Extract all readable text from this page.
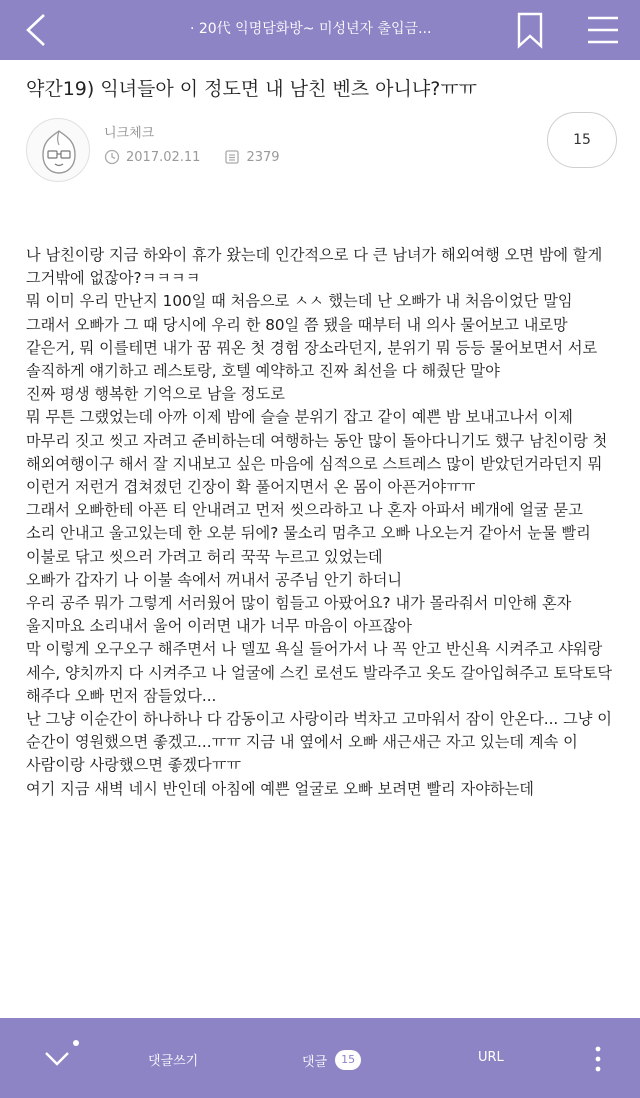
· 20代 익명담화방~ 미성년자 출입금...
약간19) 익녀들아 이 정도면 내 남친 벤츠 아니냐?ㅠㅠ
니크체크
2017.02.11	2379
15

나 남친이랑 지금 하와이 휴가 왔는데 인간적으로 다 큰 남녀가 해외여행 오면 밤에 할게 그거밖에 없잖아?ㅋㅋㅋㅋ

뭐 이미 우리 만난지 100일 때 처음으로 ㅅㅅ 했는데 난 오빠가 내 처음이었단 말임

그래서 오빠가 그 때 당시에 우리 한 80일 쯤 됐을 때부터 내 의사 물어보고 내로망 같은거, 뭐 이를테면 내가 꿈 꿔온 첫 경험 장소라던지, 분위기 뭐 등등 물어보면서 서로 솔직하게 얘기하고 레스토랑, 호텔 예약하고 진짜 최선을 다 해줬단 말야

진짜 평생 행복한 기억으로 남을 정도로

뭐 무튼 그랬었는데 아까 이제 밤에 슬슬 분위기 잡고 같이 예쁜 밤 보내고나서 이제 마무리 짓고 씻고 자려고 준비하는데 여행하는 동안 많이 돌아다니기도 했구 남친이랑 첫 해외여행이구 해서 잘 지내보고 싶은 마음에 심적으로 스트레스 많이 받았던거라던지 뭐 이런거 저런거 겹쳐졌던 긴장이 확 풀어지면서 온 몸이 아픈거야ㅠㅠ

그래서 오빠한테 아픈 티 안내려고 먼저 씻으라하고 나 혼자 아파서 베개에 얼굴 묻고 소리 안내고 울고있는데 한 오분 뒤에? 물소리 멈추고 오빠 나오는거 같아서 눈물 빨리 이불로 닦고 씻으러 가려고 허리 꾹꾹 누르고 있었는데

오빠가 갑자기 나 이불 속에서 꺼내서 공주님 안기 하더니

우리 공주 뭐가 그렇게 서러웠어 많이 힘들고 아팠어요? 내가 몰라줘서 미안해 혼자 울지마요 소리내서 울어 이러면 내가 너무 마음이 아프잖아

막 이렇게 오구오구 해주면서 나 델꼬 욕실 들어가서 나 꼭 안고 반신욕 시켜주고 샤워랑 세수, 양치까지 다 시켜주고 나 얼굴에 스킨 로션도 발라주고 옷도 갈아입혀주고 토닥토닥 해주다 오빠 먼저 잠들었다...

난 그냥 이순간이 하나하나 다 감동이고 사랑이라 벅차고 고마워서 잠이 안온다... 그냥 이 순간이 영원했으면 좋겠고...ㅠㅠ 지금 내 옆에서 오빠 새근새근 자고 있는데 계속 이 사람이랑 사랑했으면 좋겠다ㅠㅠ

여기 지금 새벽 네시 반인데 아침에 예쁜 얼굴로 오빠 보려면 빨리 자야하는데

댓글쓰기	댓글	15	URL
